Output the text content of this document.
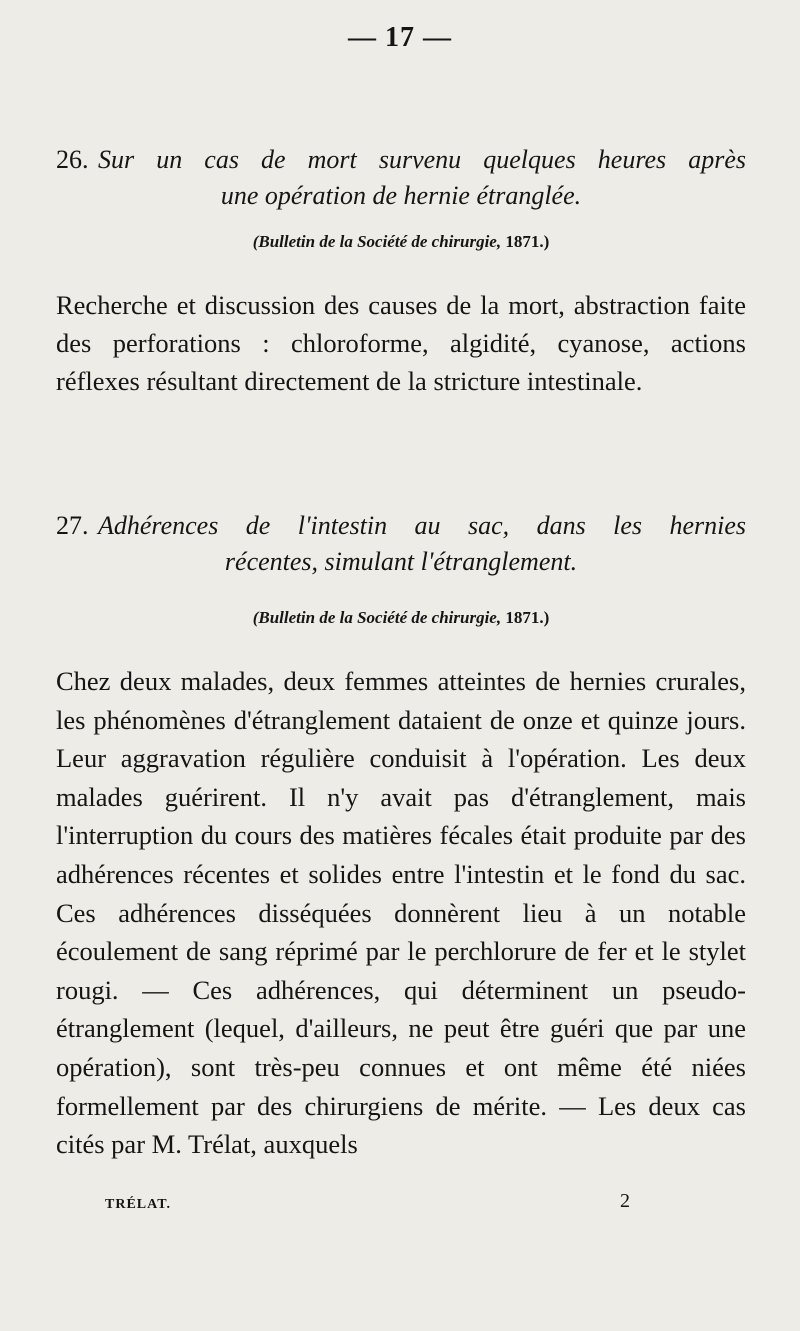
— 17 —
26. Sur un cas de mort survenu quelques heures après
une opération de hernie étranglée.
(Bulletin de la Société de chirurgie, 1871.)
Recherche et discussion des causes de la mort, abstraction faite des perforations : chloroforme, algidité, cyanose, actions réflexes résultant directement de la stricture intestinale.
27. Adhérences de l'intestin au sac, dans les hernies
récentes, simulant l'étranglement.
(Bulletin de la Société de chirurgie, 1871.)
Chez deux malades, deux femmes atteintes de hernies crurales, les phénomènes d'étranglement dataient de onze et quinze jours. Leur aggravation régulière conduisit à l'opération. Les deux malades guérirent. Il n'y avait pas d'étranglement, mais l'interruption du cours des matières fécales était produite par des adhérences récentes et solides entre l'intestin et le fond du sac. Ces adhérences disséquées donnèrent lieu à un notable écoulement de sang réprimé par le perchlorure de fer et le stylet rougi. — Ces adhérences, qui déterminent un pseudo-étranglement (lequel, d'ailleurs, ne peut être guéri que par une opération), sont très-peu connues et ont même été niées formellement par des chirurgiens de mérite. — Les deux cas cités par M. Trélat, auxquels
TRÉLAT.	2
